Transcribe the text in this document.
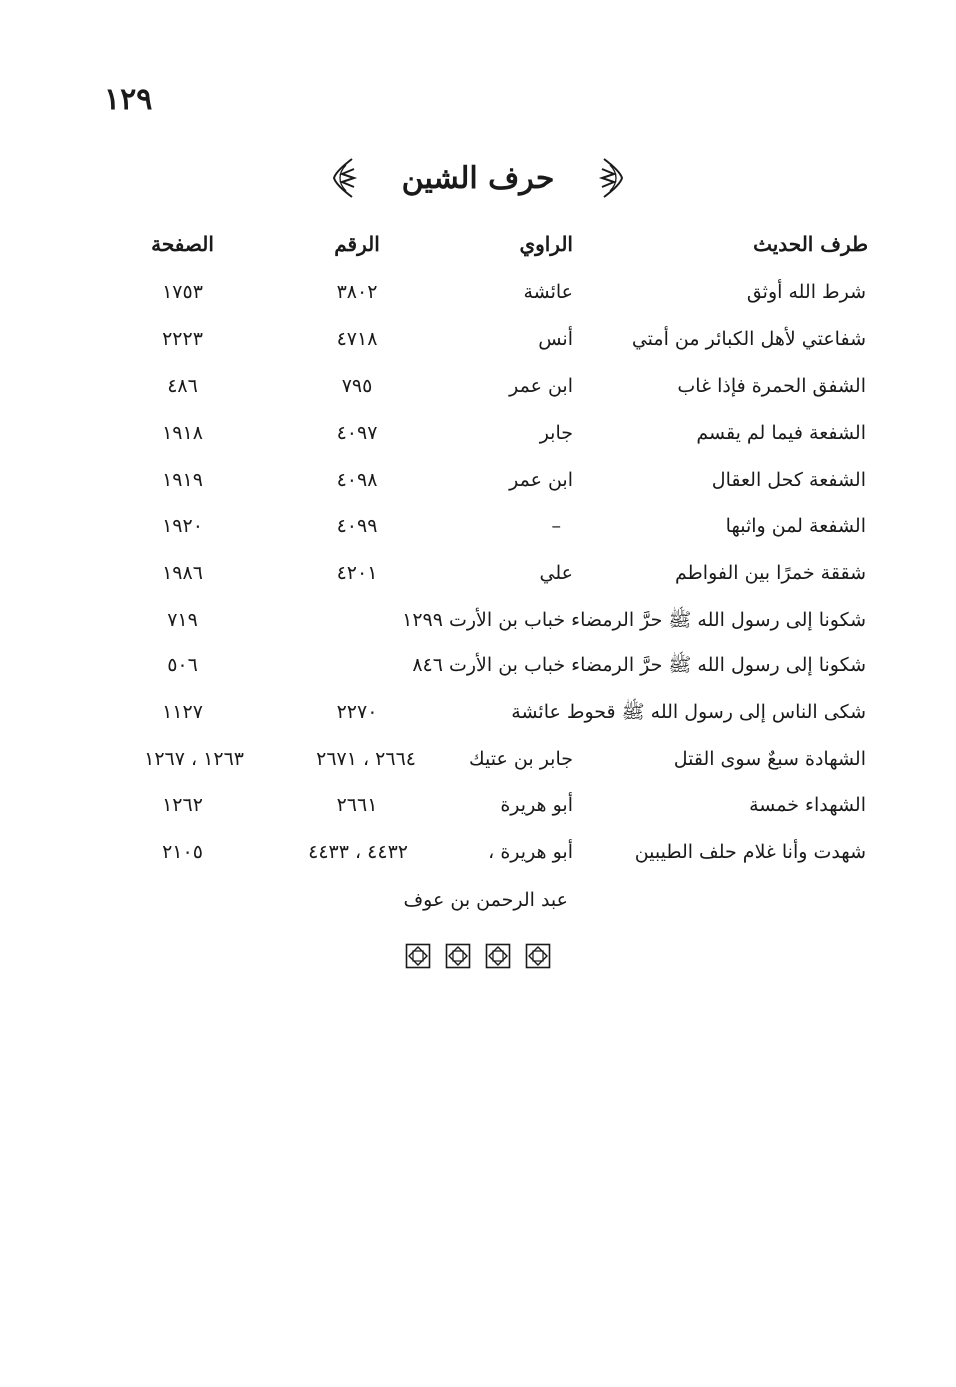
١٢٩
حرف الشين
طرف الحديث
الراوي
الرقم
الصفحة
شرط الله أوثق
عائشة
٣٨٠٢
١٧٥٣
شفاعتي لأهل الكبائر من أمتي
أنس
٤٧١٨
٢٢٢٣
الشفق الحمرة فإذا غاب
ابن عمر
٧٩٥
٤٨٦
الشفعة فيما لم يقسم
جابر
٤٠٩٧
١٩١٨
الشفعة كحل العقال
ابن عمر
٤٠٩٨
١٩١٩
الشفعة لمن واثبها
–
٤٠٩٩
١٩٢٠
شققة خمرًا بين الفواطم
علي
٤٢٠١
١٩٨٦
شكونا إلى رسول الله ﷺ حرَّ الرمضاء خباب بن الأرت ١٢٩٩
٧١٩
شكونا إلى رسول الله ﷺ حرَّ الرمضاء خباب بن الأرت ٨٤٦
٥٠٦
شكى الناس إلى رسول الله ﷺ قحوط عائشة
٢٢٧٠
١١٢٧
الشهادة سبعٌ سوى القتل
جابر بن عتيك
٢٦٦٤ ، ٢٦٧١
١٢٦٣ ، ١٢٦٧
الشهداء خمسة
أبو هريرة
٢٦٦١
١٢٦٢
شهدت وأنا غلام حلف الطيبين
أبو هريرة ،
٤٤٣٢ ، ٤٤٣٣
٢١٠٥
عبد الرحمن بن عوف
